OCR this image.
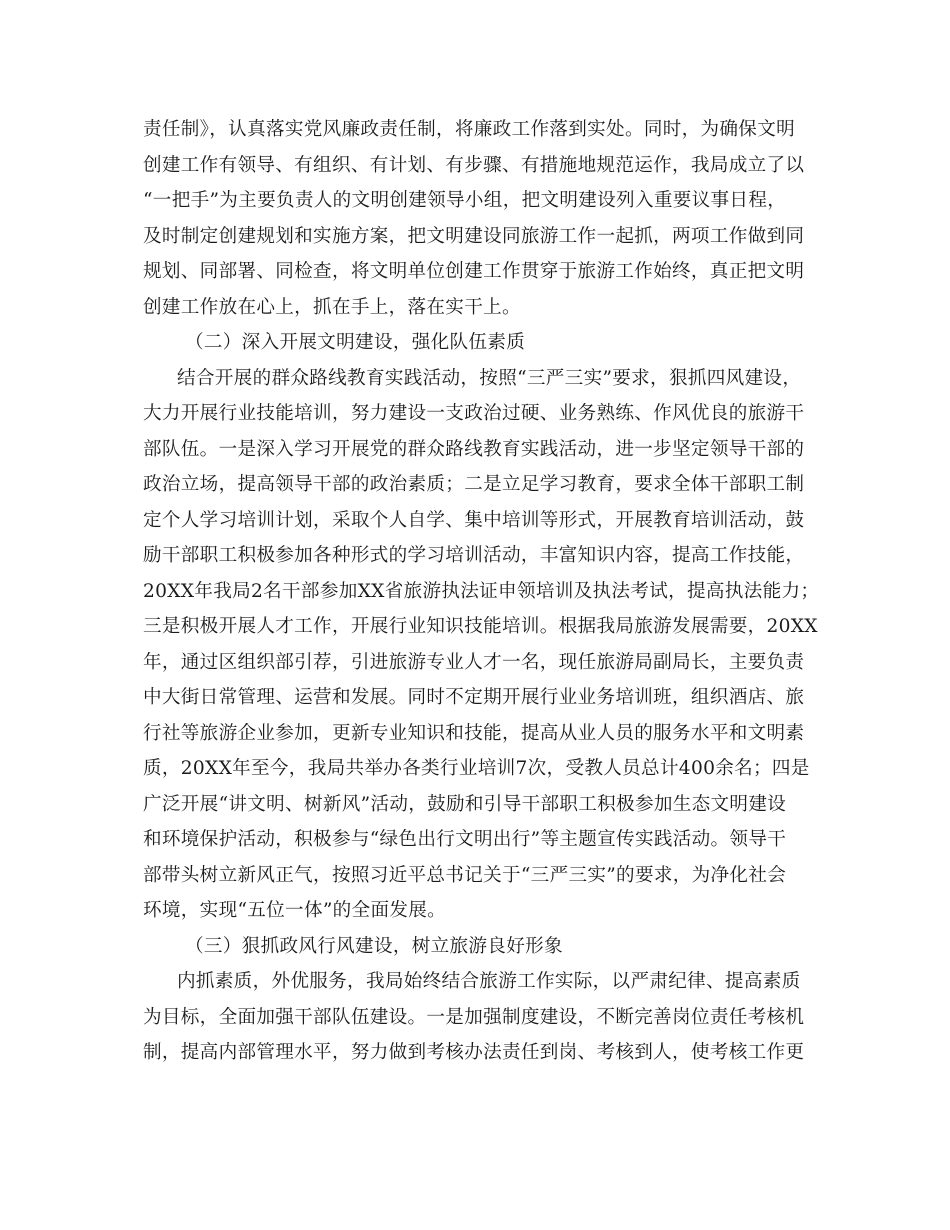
责任制》，认真落实党风廉政责任制，将廉政工作落到实处。同时，为确保文明
创建工作有领导、有组织、有计划、有步骤、有措施地规范运作，我局成立了以
“一把手”为主要负责人的文明创建领导小组，把文明建设列入重要议事日程，
及时制定创建规划和实施方案，把文明建设同旅游工作一起抓，两项工作做到同
规划、同部署、同检查，将文明单位创建工作贯穿于旅游工作始终，真正把文明
创建工作放在心上，抓在手上，落在实干上。
（二）深入开展文明建设，强化队伍素质
结合开展的群众路线教育实践活动，按照“三严三实”要求，狠抓四风建设，
大力开展行业技能培训，努力建设一支政治过硬、业务熟练、作风优良的旅游干
部队伍。一是深入学习开展党的群众路线教育实践活动，进一步坚定领导干部的
政治立场，提高领导干部的政治素质；二是立足学习教育，要求全体干部职工制
定个人学习培训计划，采取个人自学、集中培训等形式，开展教育培训活动，鼓
励干部职工积极参加各种形式的学习培训活动，丰富知识内容，提高工作技能，
20XX年我局2名干部参加XX省旅游执法证申领培训及执法考试，提高执法能力；
三是积极开展人才工作，开展行业知识技能培训。根据我局旅游发展需要，20XX
年，通过区组织部引荐，引进旅游专业人才一名，现任旅游局副局长，主要负责
中大街日常管理、运营和发展。同时不定期开展行业业务培训班，组织酒店、旅
行社等旅游企业参加，更新专业知识和技能，提高从业人员的服务水平和文明素
质，20XX年至今，我局共举办各类行业培训7次，受教人员总计400余名；四是
广泛开展“讲文明、树新风”活动，鼓励和引导干部职工积极参加生态文明建设
和环境保护活动，积极参与“绿色出行文明出行”等主题宣传实践活动。领导干
部带头树立新风正气，按照习近平总书记关于“三严三实”的要求，为净化社会
环境，实现“五位一体”的全面发展。
（三）狠抓政风行风建设，树立旅游良好形象
内抓素质，外优服务，我局始终结合旅游工作实际，以严肃纪律、提高素质
为目标，全面加强干部队伍建设。一是加强制度建设，不断完善岗位责任考核机
制，提高内部管理水平，努力做到考核办法责任到岗、考核到人，使考核工作更
